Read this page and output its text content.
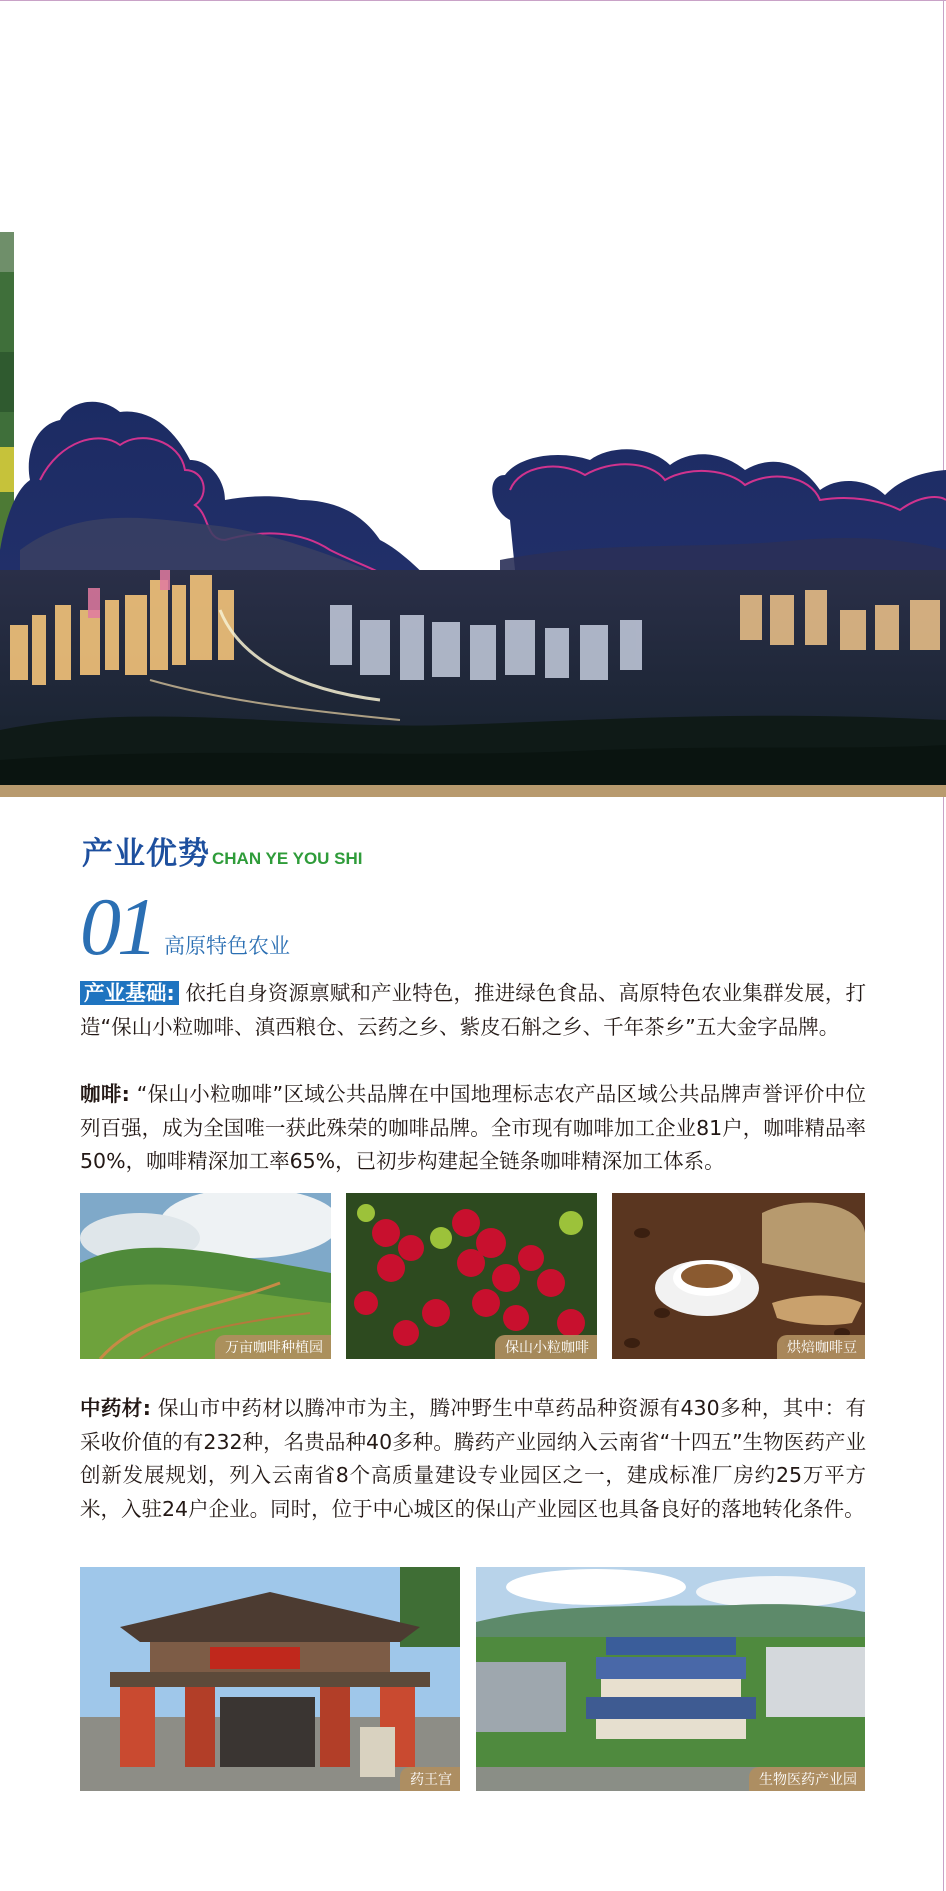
产业优势 CHAN YE YOU SHI
01 高原特色农业
产业基础: 依托自身资源禀赋和产业特色，推进绿色食品、高原特色农业集群发展，打造“保山小粒咖啡、滇西粮仓、云药之乡、紫皮石斛之乡、千年茶乡”五大金字品牌。
咖啡: “保山小粒咖啡”区域公共品牌在中国地理标志农产品区域公共品牌声誉评价中位列百强，成为全国唯一获此殊荣的咖啡品牌。全市现有咖啡加工企业81户，咖啡精品率50%，咖啡精深加工率65%，已初步构建起全链条咖啡精深加工体系。
万亩咖啡种植园	保山小粒咖啡	烘焙咖啡豆
中药材: 保山市中药材以腾冲市为主，腾冲野生中草药品种资源有430多种，其中：有采收价值的有232种，名贵品种40多种。腾药产业园纳入云南省“十四五”生物医药产业创新发展规划，列入云南省8个高质量建设专业园区之一，建成标准厂房约25万平方米，入驻24户企业。同时，位于中心城区的保山产业园区也具备良好的落地转化条件。
药王宫	生物医药产业园
